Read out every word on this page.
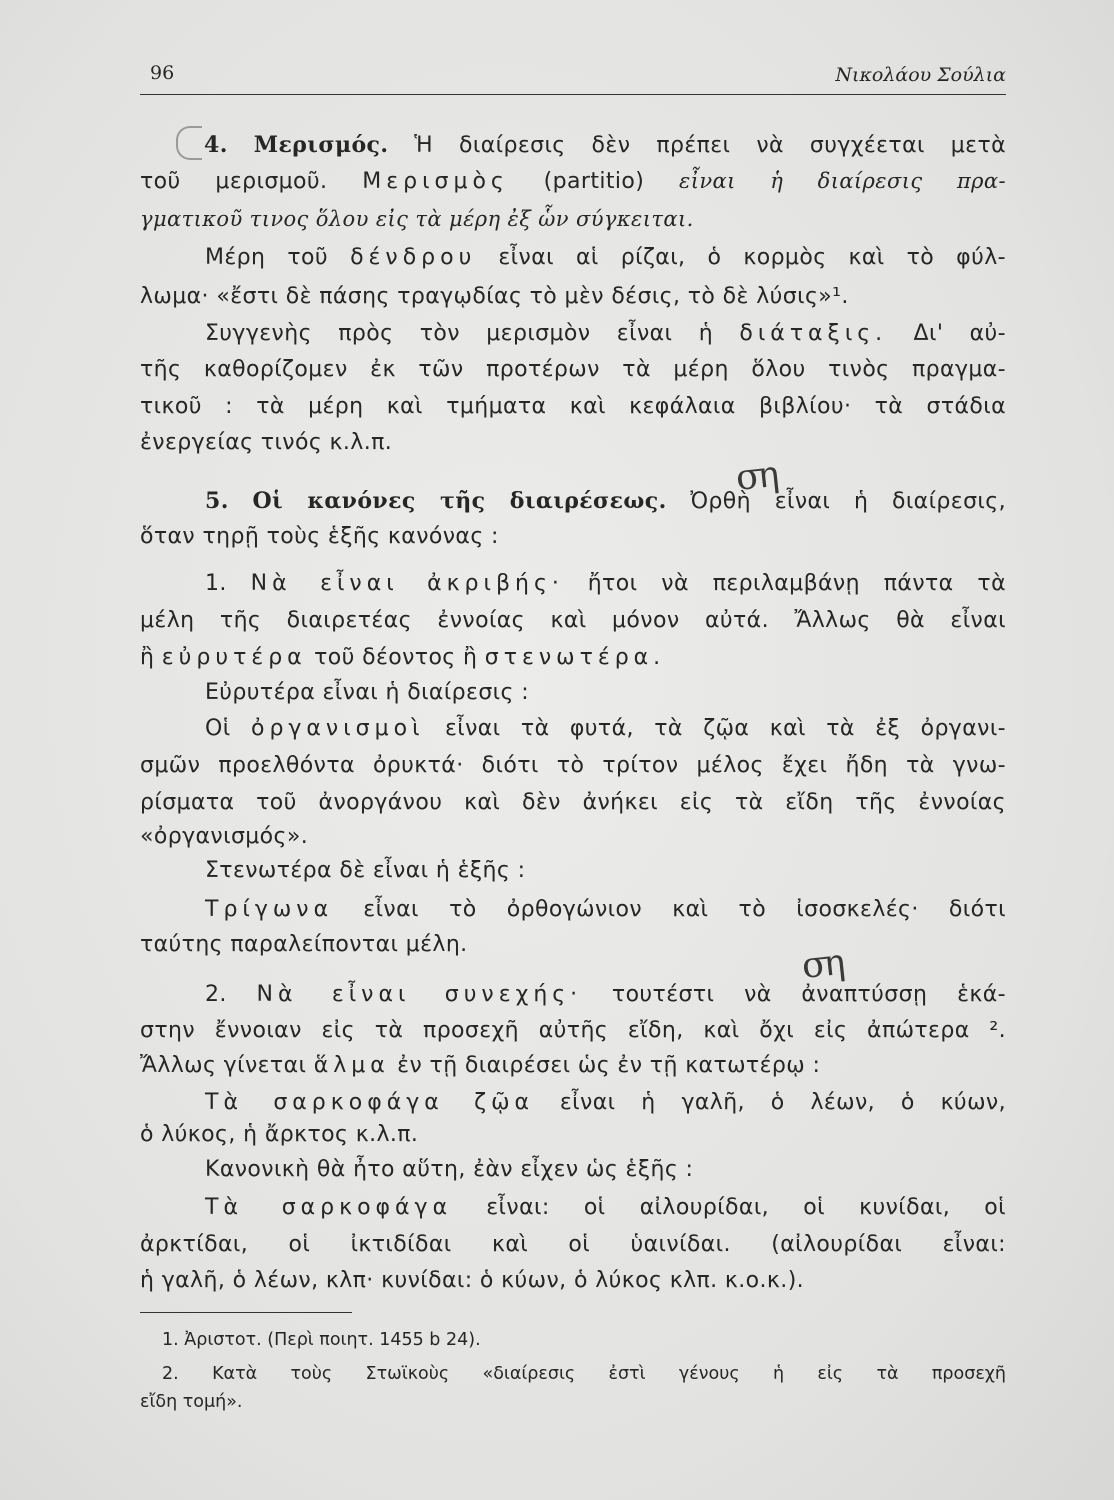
96	Νικολάου Σούλια
4. Μερισμός. Ἡ διαίρεσις δὲν πρέπει νὰ συγχέεται μετὰ
τοῦ μερισμοῦ. Μερισμὸς (partitio) εἶναι ἡ διαίρεσις πρα-
γματικοῦ τινος ὅλου εἰς τὰ μέρη ἐξ ὧν σύγκειται.
Μέρη τοῦ δένδρου εἶναι αἱ ρίζαι, ὁ κορμὸς καὶ τὸ φύλ-
λωμα· «ἔστι δὲ πάσης τραγῳδίας τὸ μὲν δέσις, τὸ δὲ λύσις»¹.
Συγγενὴς πρὸς τὸν μερισμὸν εἶναι ἡ διάταξις. Δι' αὐ-
τῆς καθορίζομεν ἐκ τῶν προτέρων τὰ μέρη ὅλου τινὸς πραγμα-
τικοῦ : τὰ μέρη καὶ τμήματα καὶ κεφάλαια βιβλίου· τὰ στάδια
ἐνεργείας τινός κ.λ.π.
ση
5. Οἱ κανόνες τῆς διαιρέσεως. Ὀρθὴ εἶναι ἡ διαίρεσις,
ὅταν τηρῇ τοὺς ἑξῆς κανόνας :
1. Νὰ εἶναι ἀκριβής· ἤτοι νὰ περιλαμβάνῃ πάντα τὰ
μέλη τῆς διαιρετέας ἐννοίας καὶ μόνον αὐτά. Ἄλλως θὰ εἶναι
ἢ εὐρυτέρα τοῦ δέοντος ἢ στενωτέρα.
Εὐρυτέρα εἶναι ἡ διαίρεσις :
Οἱ ὀργανισμοὶ εἶναι τὰ φυτά, τὰ ζῷα καὶ τὰ ἐξ ὀργανι-
σμῶν προελθόντα ὀρυκτά· διότι τὸ τρίτον μέλος ἔχει ἤδη τὰ γνω-
ρίσματα τοῦ ἀνοργάνου καὶ δὲν ἀνήκει εἰς τὰ εἴδη τῆς ἐννοίας
«ὀργανισμός».
Στενωτέρα δὲ εἶναι ἡ ἑξῆς :
Τρίγωνα εἶναι τὸ ὀρθογώνιον καὶ τὸ ἰσοσκελές· διότι
ταύτης παραλείπονται μέλη.	ση
2. Νὰ εἶναι συνεχής· τουτέστι νὰ ἀναπτύσσῃ ἑκά-
στην ἔννοιαν εἰς τὰ προσεχῆ αὐτῆς εἴδη, καὶ ὄχι εἰς ἀπώτερα ².
Ἄλλως γίνεται ἅλμα ἐν τῇ διαιρέσει ὡς ἐν τῇ κατωτέρῳ :
Τὰ σαρκοφάγα ζῷα εἶναι ἡ γαλῆ, ὁ λέων, ὁ κύων,
ὁ λύκος, ἡ ἄρκτος κ.λ.π.
Κανονικὴ θὰ ἦτο αὕτη, ἐὰν εἶχεν ὡς ἑξῆς :
Τὰ σαρκοφάγα εἶναι: οἱ αἰλουρίδαι, οἱ κυνίδαι, οἱ
ἀρκτίδαι, οἱ ἰκτιδίδαι καὶ οἱ ὑαινίδαι. (αἰλουρίδαι εἶναι:
ἡ γαλῆ, ὁ λέων, κλπ· κυνίδαι: ὁ κύων, ὁ λύκος κλπ. κ.ο.κ.).
1. Ἀριστοτ. (Περὶ ποιητ. 1455 b 24).
2. Κατὰ τοὺς Στωϊκοὺς «διαίρεσις ἐστὶ γένους ἡ εἰς τὰ προσεχῆ
εἴδη τομή».
